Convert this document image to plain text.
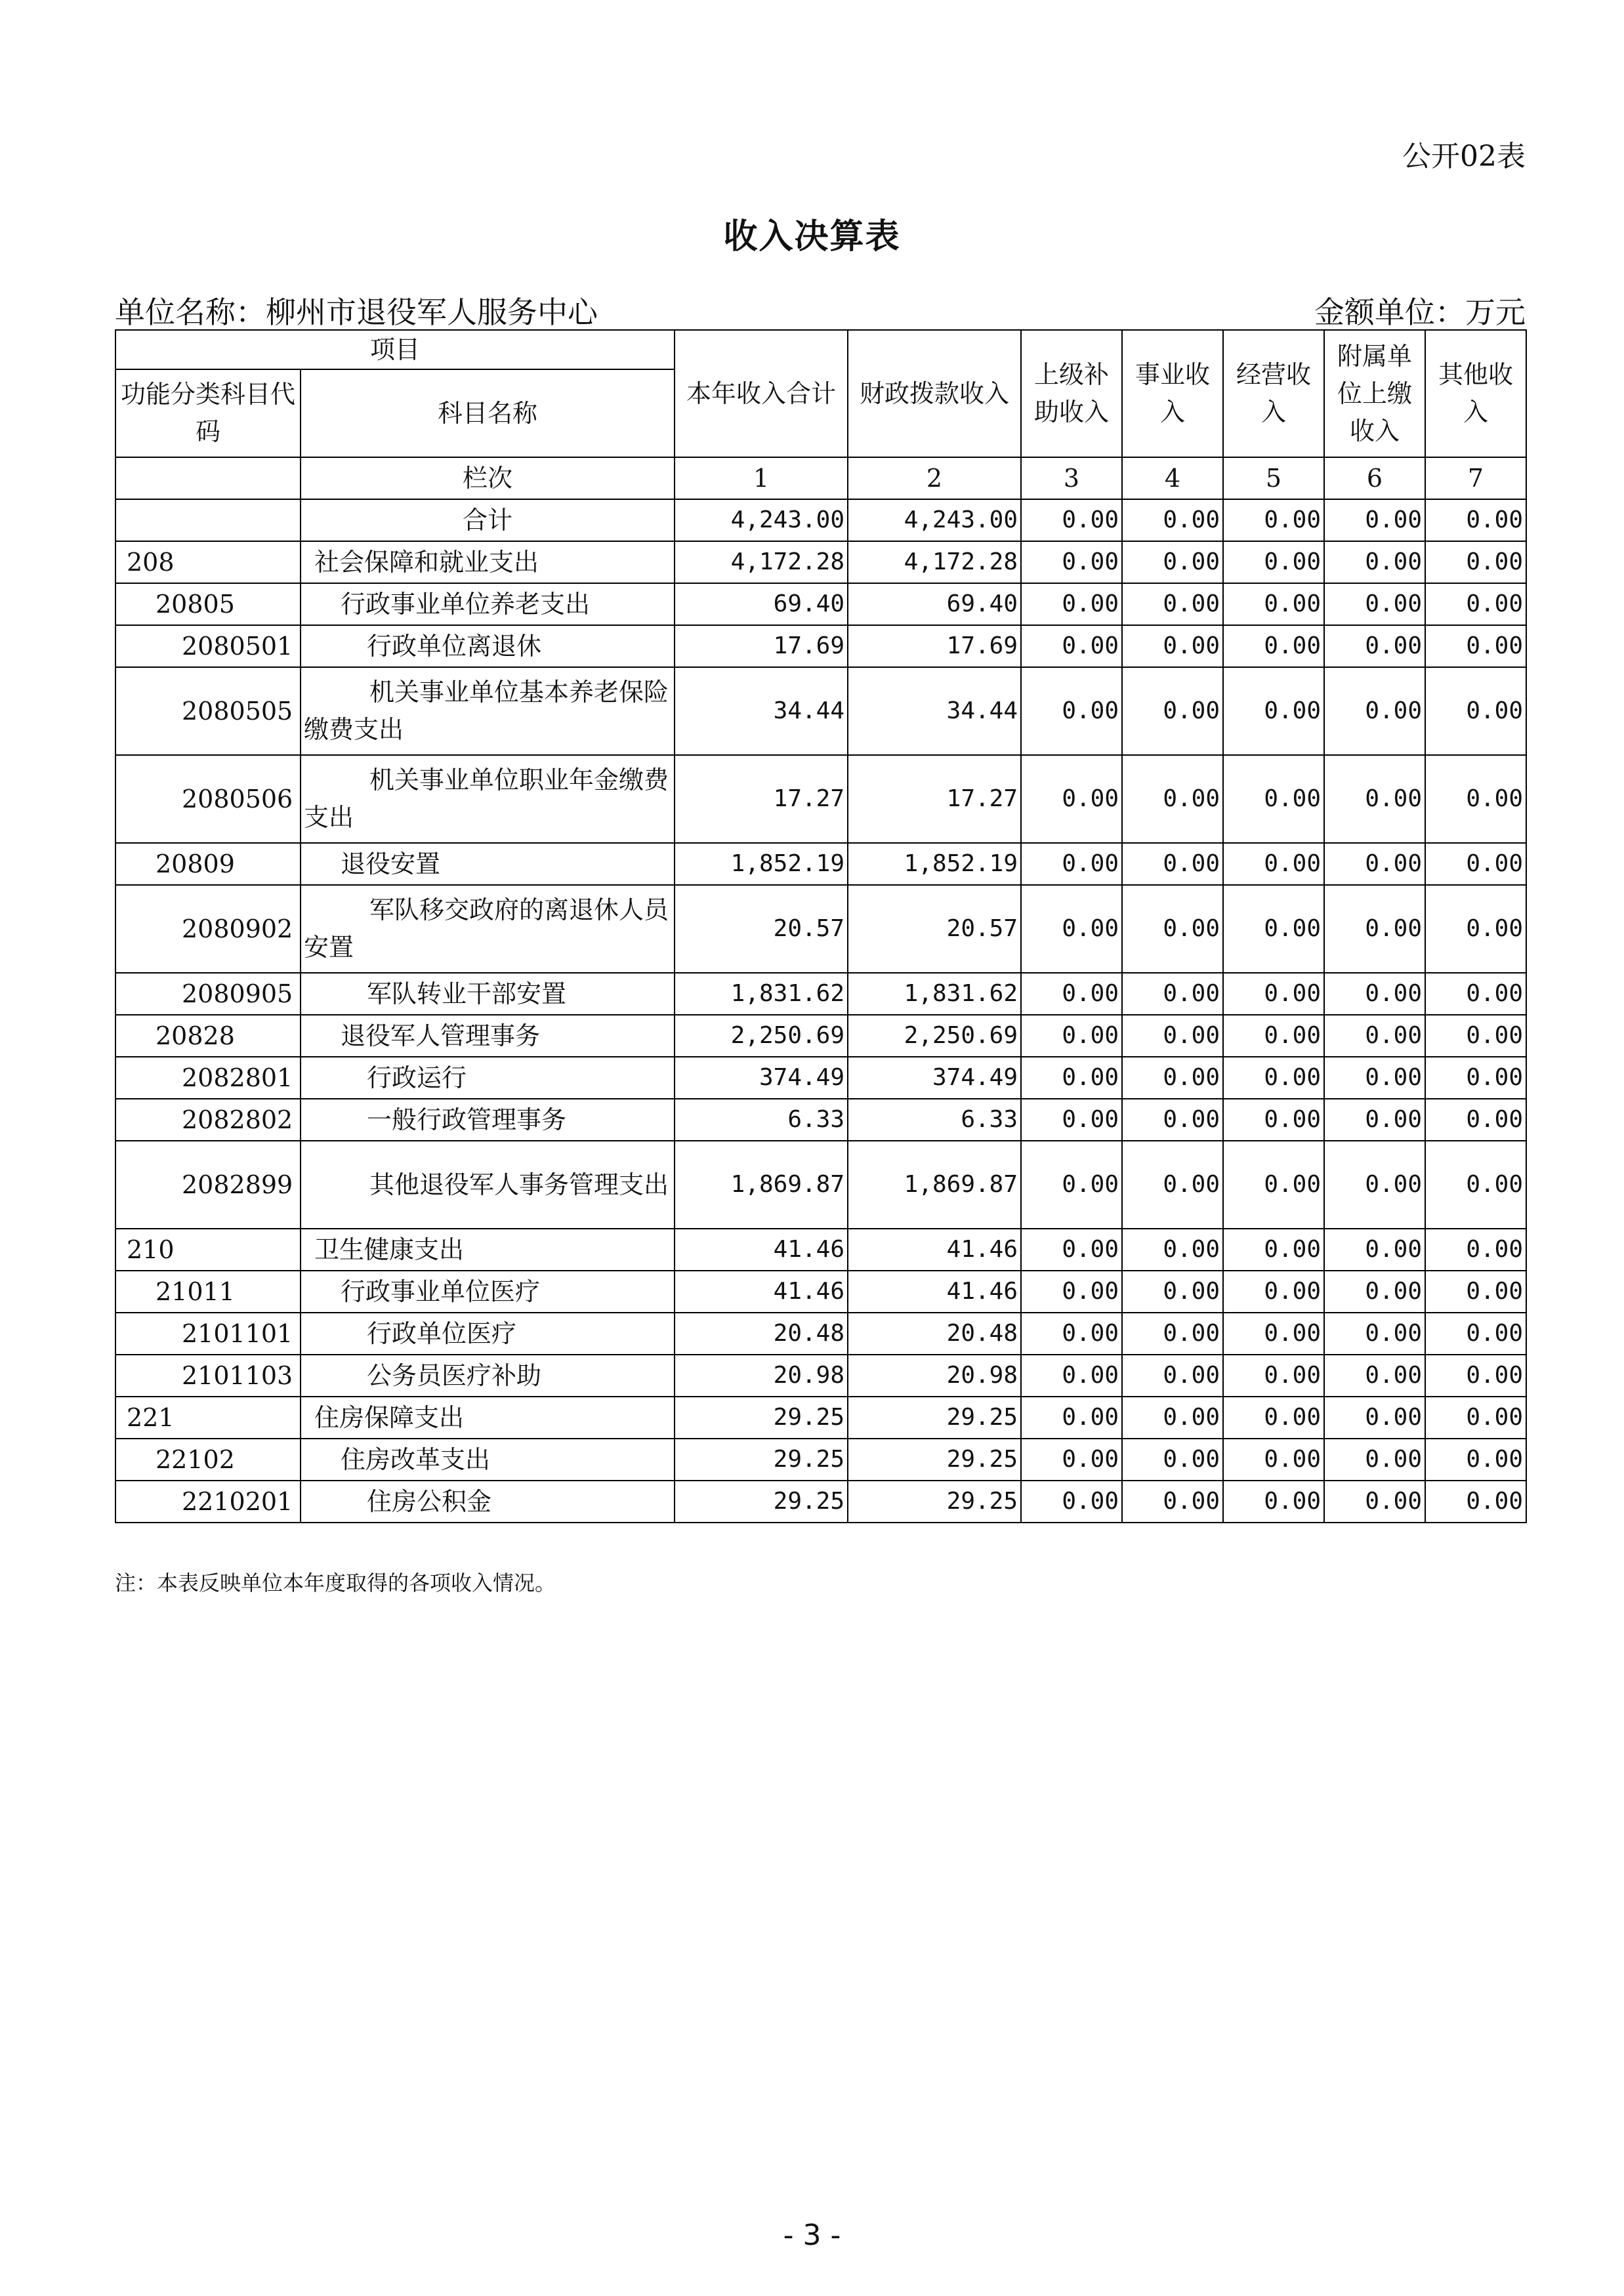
公开02表
收入决算表
单位名称：柳州市退役军人服务中心	金额单位：万元
项目		本年收入合计	财政拨款收入	上级补助收入	事业收入	经营收入	附属单位上缴收入	其他收入
功能分类科目代码	科目名称							
	栏次	1	2	3	4	5	6	7
	合计	4,243.00	4,243.00	0.00	0.00	0.00	0.00	0.00
208	社会保障和就业支出	4,172.28	4,172.28	0.00	0.00	0.00	0.00	0.00
20805	行政事业单位养老支出	69.40	69.40	0.00	0.00	0.00	0.00	0.00
2080501	行政单位离退休	17.69	17.69	0.00	0.00	0.00	0.00	0.00
2080505	机关事业单位基本养老保险缴费支出	34.44	34.44	0.00	0.00	0.00	0.00	0.00
2080506	机关事业单位职业年金缴费支出	17.27	17.27	0.00	0.00	0.00	0.00	0.00
20809	退役安置	1,852.19	1,852.19	0.00	0.00	0.00	0.00	0.00
2080902	军队移交政府的离退休人员安置	20.57	20.57	0.00	0.00	0.00	0.00	0.00
2080905	军队转业干部安置	1,831.62	1,831.62	0.00	0.00	0.00	0.00	0.00
20828	退役军人管理事务	2,250.69	2,250.69	0.00	0.00	0.00	0.00	0.00
2082801	行政运行	374.49	374.49	0.00	0.00	0.00	0.00	0.00
2082802	一般行政管理事务	6.33	6.33	0.00	0.00	0.00	0.00	0.00
2082899	其他退役军人事务管理支出	1,869.87	1,869.87	0.00	0.00	0.00	0.00	0.00
210	卫生健康支出	41.46	41.46	0.00	0.00	0.00	0.00	0.00
21011	行政事业单位医疗	41.46	41.46	0.00	0.00	0.00	0.00	0.00
2101101	行政单位医疗	20.48	20.48	0.00	0.00	0.00	0.00	0.00
2101103	公务员医疗补助	20.98	20.98	0.00	0.00	0.00	0.00	0.00
221	住房保障支出	29.25	29.25	0.00	0.00	0.00	0.00	0.00
22102	住房改革支出	29.25	29.25	0.00	0.00	0.00	0.00	0.00
2210201	住房公积金	29.25	29.25	0.00	0.00	0.00	0.00	0.00
注：本表反映单位本年度取得的各项收入情况。
- 3 -
